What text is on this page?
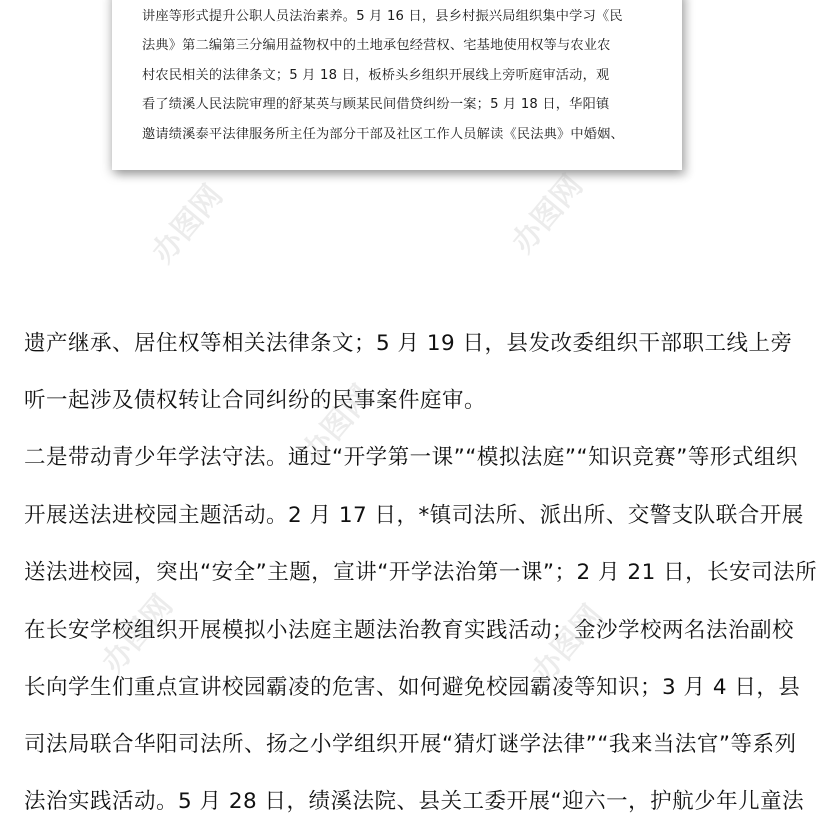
讲座等形式提升公职人员法治素养。5 月 16 日，县乡村振兴局组织集中学习《民
法典》第二编第三分编用益物权中的土地承包经营权、宅基地使用权等与农业农
村农民相关的法律条文；5 月 18 日，板桥头乡组织开展线上旁听庭审活动，观
看了绩溪人民法院审理的舒某英与顾某民间借贷纠纷一案；5 月 18 日，华阳镇
邀请绩溪泰平法律服务所主任为部分干部及社区工作人员解读《民法典》中婚姻、
遗产继承、居住权等相关法律条文；5 月 19 日，县发改委组织干部职工线上旁
听一起涉及债权转让合同纠纷的民事案件庭审。
二是带动青少年学法守法。通过“开学第一课”“模拟法庭”“知识竞赛”等形式组织
开展送法进校园主题活动。2 月 17 日，*镇司法所、派出所、交警支队联合开展
送法进校园，突出“安全”主题，宣讲“开学法治第一课”；2 月 21 日，长安司法所
在长安学校组织开展模拟小法庭主题法治教育实践活动；金沙学校两名法治副校
长向学生们重点宣讲校园霸凌的危害、如何避免校园霸凌等知识；3 月 4 日，县
司法局联合华阳司法所、扬之小学组织开展“猜灯谜学法律”“我来当法官”等系列
法治实践活动。5 月 28 日，绩溪法院、县关工委开展“迎六一，护航少年儿童法
办图网	办图网
办图网
办图网	办图网
